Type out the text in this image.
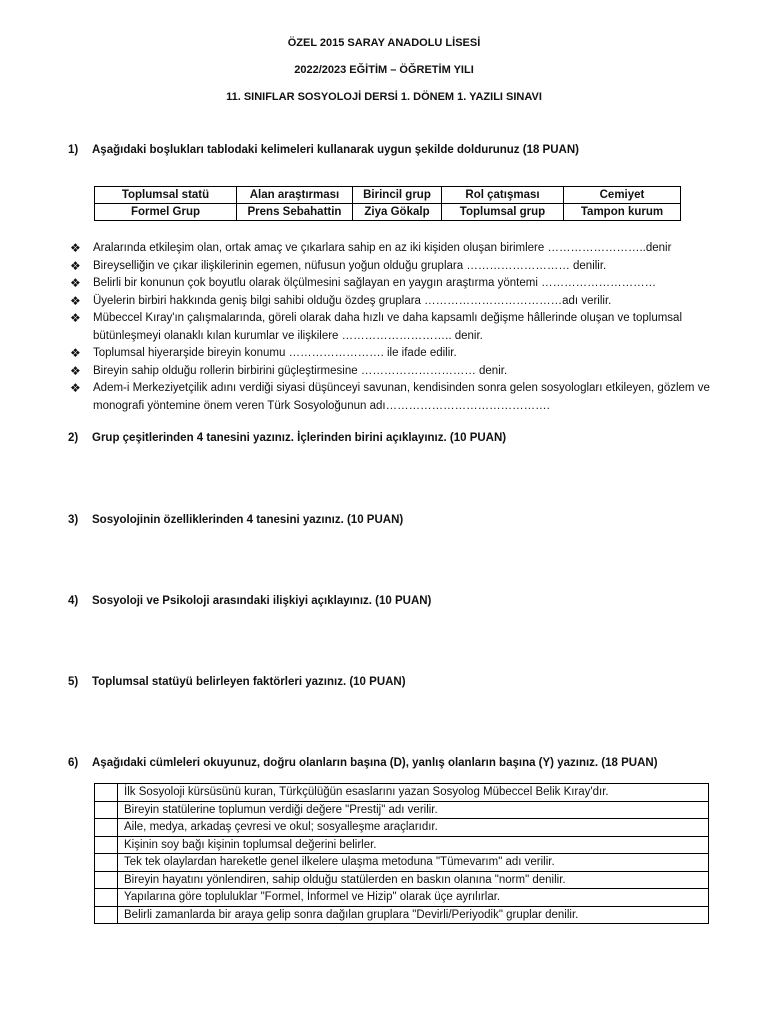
ÖZEL 2015 SARAY ANADOLU LİSESİ
2022/2023 EĞİTİM – ÖĞRETİM YILI
11. SINIFLAR SOSYOLOJİ DERSİ 1. DÖNEM 1. YAZILI SINAVI
1) Aşağıdaki boşlukları tablodaki kelimeleri kullanarak uygun şekilde doldurunuz (18 PUAN)
Toplumsal statü	Alan araştırması	Birincil grup	Rol çatışması	Cemiyet
Formel Grup	Prens Sebahattin	Ziya Gökalp	Toplumsal grup	Tampon kurum
❖ Aralarında etkileşim olan, ortak amaç ve çıkarlara sahip en az iki kişiden oluşan birimlere ……………………..denir
❖ Bireyselliğin ve çıkar ilişkilerinin egemen, nüfusun yoğun olduğu gruplara ……………………… denilir.
❖ Belirli bir konunun çok boyutlu olarak ölçülmesini sağlayan en yaygın araştırma yöntemi …………………………
❖ Üyelerin birbiri hakkında geniş bilgi sahibi olduğu özdeş gruplara ………………………………adı verilir.
❖ Mübeccel Kıray'ın çalışmalarında, göreli olarak daha hızlı ve daha kapsamlı değişme hâllerinde oluşan ve toplumsal bütünleşmeyi olanaklı kılan kurumlar ve ilişkilere ……………………….. denir.
❖ Toplumsal hiyerarşide bireyin konumu ……………………. ile ifade edilir.
❖ Bireyin sahip olduğu rollerin birbirini güçleştirmesine ………………………… denir.
❖ Adem-i Merkeziyetçilik adını verdiği siyasi düşünceyi savunan, kendisinden sonra gelen sosyologları etkileyen, gözlem ve monografi yöntemine önem veren Türk Sosyoloğunun adı…………………………………….
2) Grup çeşitlerinden 4 tanesini yazınız. İçlerinden birini açıklayınız. (10 PUAN)
3) Sosyolojinin özelliklerinden 4 tanesini yazınız. (10 PUAN)
4) Sosyoloji ve Psikoloji arasındaki ilişkiyi açıklayınız. (10 PUAN)
5) Toplumsal statüyü belirleyen faktörleri yazınız. (10 PUAN)
6) Aşağıdaki cümleleri okuyunuz, doğru olanların başına (D), yanlış olanların başına (Y) yazınız. (18 PUAN)
	İlk Sosyoloji kürsüsünü kuran, Türkçülüğün esaslarını yazan Sosyolog Mübeccel Belik Kıray'dır.
	Bireyin statülerine toplumun verdiği değere "Prestij" adı verilir.
	Aile, medya, arkadaş çevresi ve okul; sosyalleşme araçlarıdır.
	Kişinin soy bağı kişinin toplumsal değerini belirler.
	Tek tek olaylardan hareketle genel ilkelere ulaşma metoduna "Tümevarım" adı verilir.
	Bireyin hayatını yönlendiren, sahip olduğu statülerden en baskın olanına "norm" denilir.
	Yapılarına göre topluluklar "Formel, İnformel ve Hizip" olarak üçe ayrılırlar.
	Belirli zamanlarda bir araya gelip sonra dağılan gruplara "Devirli/Periyodik" gruplar denilir.
